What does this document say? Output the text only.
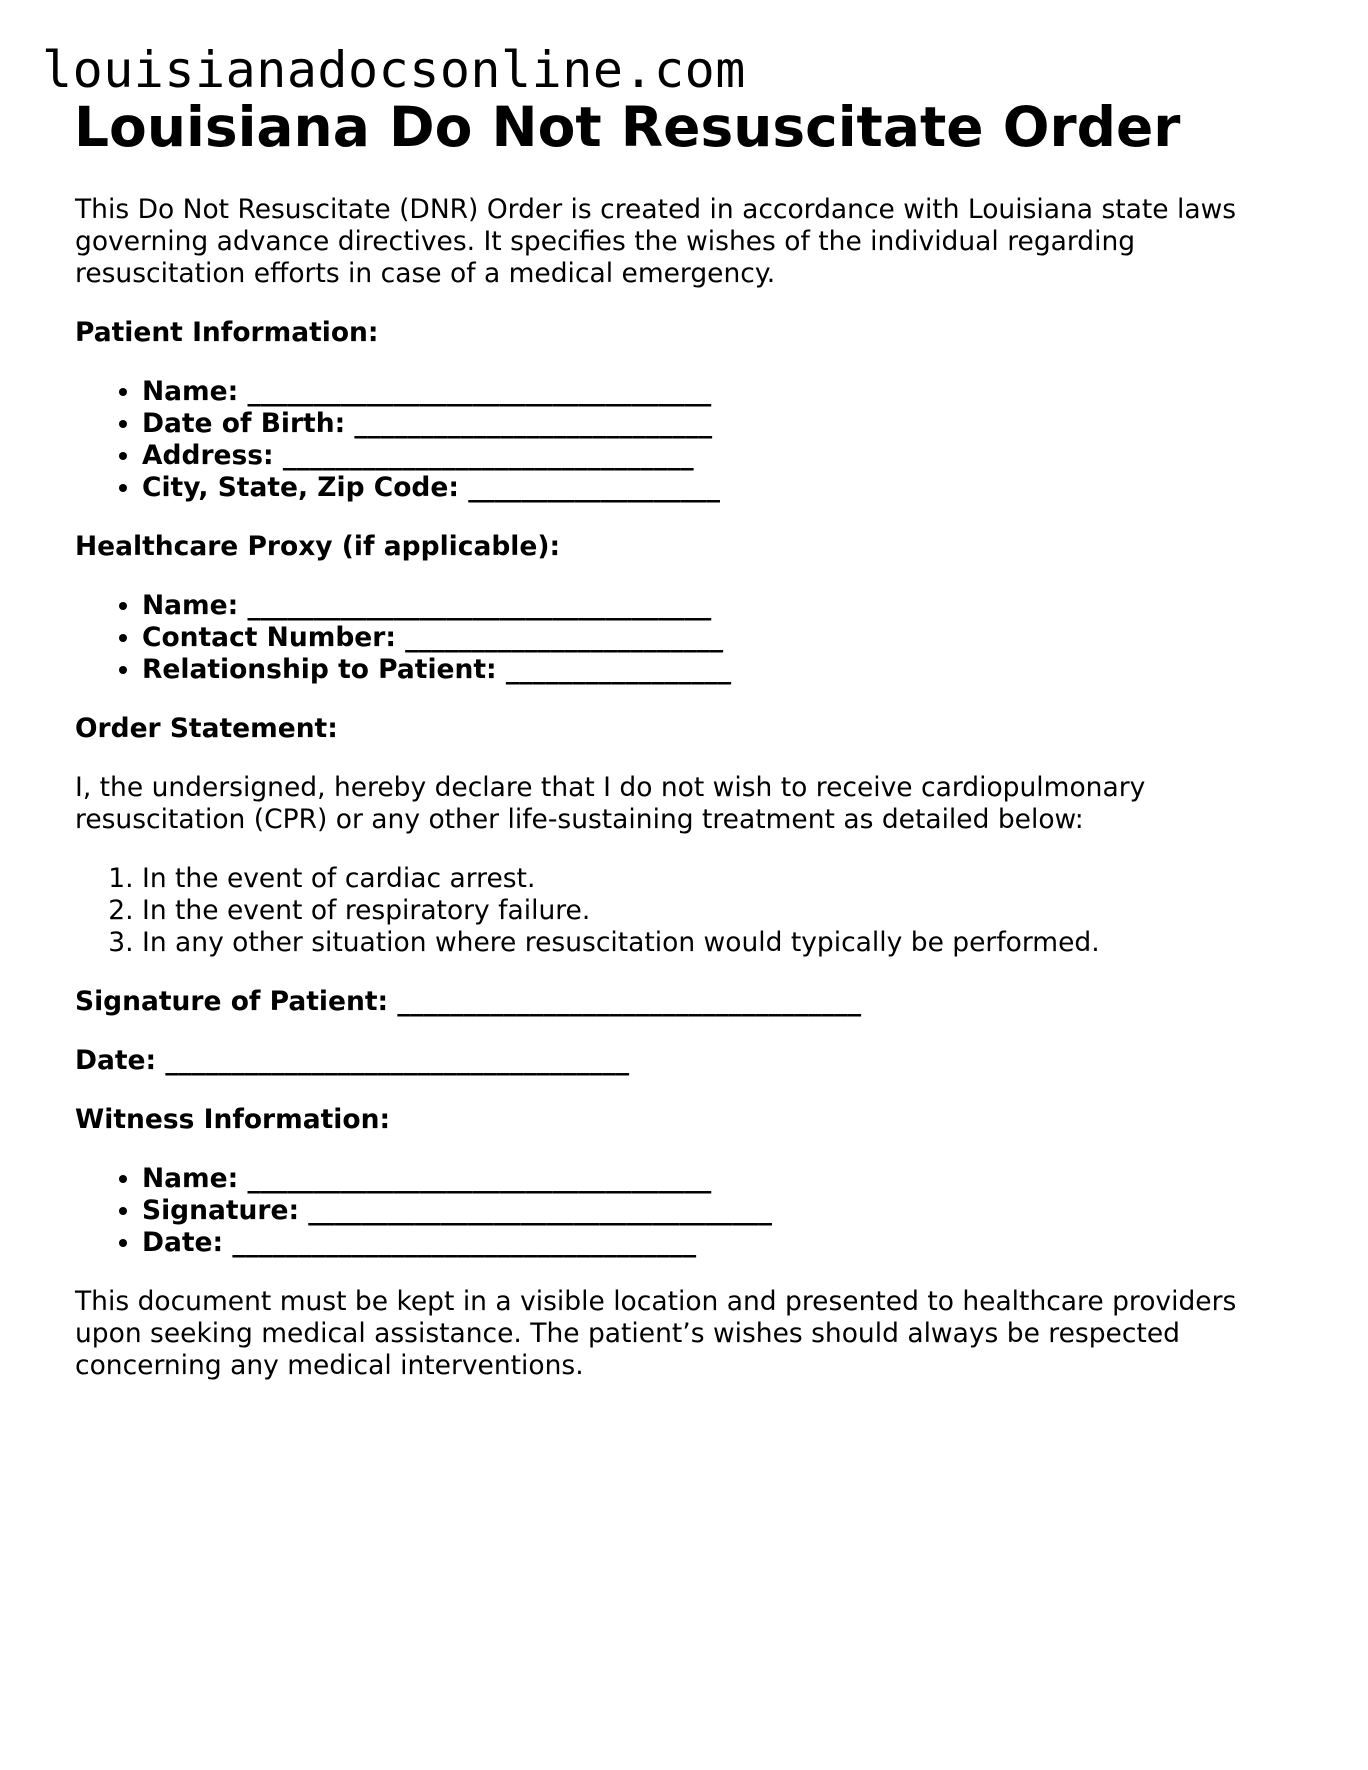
louisianadocsonline.com
Louisiana Do Not Resuscitate Order

This Do Not Resuscitate (DNR) Order is created in accordance with Louisiana state laws governing advance directives. It specifies the wishes of the individual regarding resuscitation efforts in case of a medical emergency.

Patient Information:
• Name: ___________________________________
• Date of Birth: ___________________________
• Address: _______________________________
• City, State, Zip Code: ___________________
Healthcare Proxy (if applicable):
• Name: ___________________________________
• Contact Number: ________________________
• Relationship to Patient: _________________
Order Statement:

I, the undersigned, hereby declare that I do not wish to receive cardiopulmonary resuscitation (CPR) or any other life-sustaining treatment as detailed below:

1. In the event of cardiac arrest.
2. In the event of respiratory failure.
3. In any other situation where resuscitation would typically be performed.
Signature of Patient: ___________________________________
Date: ___________________________________
Witness Information:
• Name: ___________________________________
• Signature: ___________________________________
• Date: ___________________________________

This document must be kept in a visible location and presented to healthcare providers upon seeking medical assistance. The patient’s wishes should always be respected concerning any medical interventions.
